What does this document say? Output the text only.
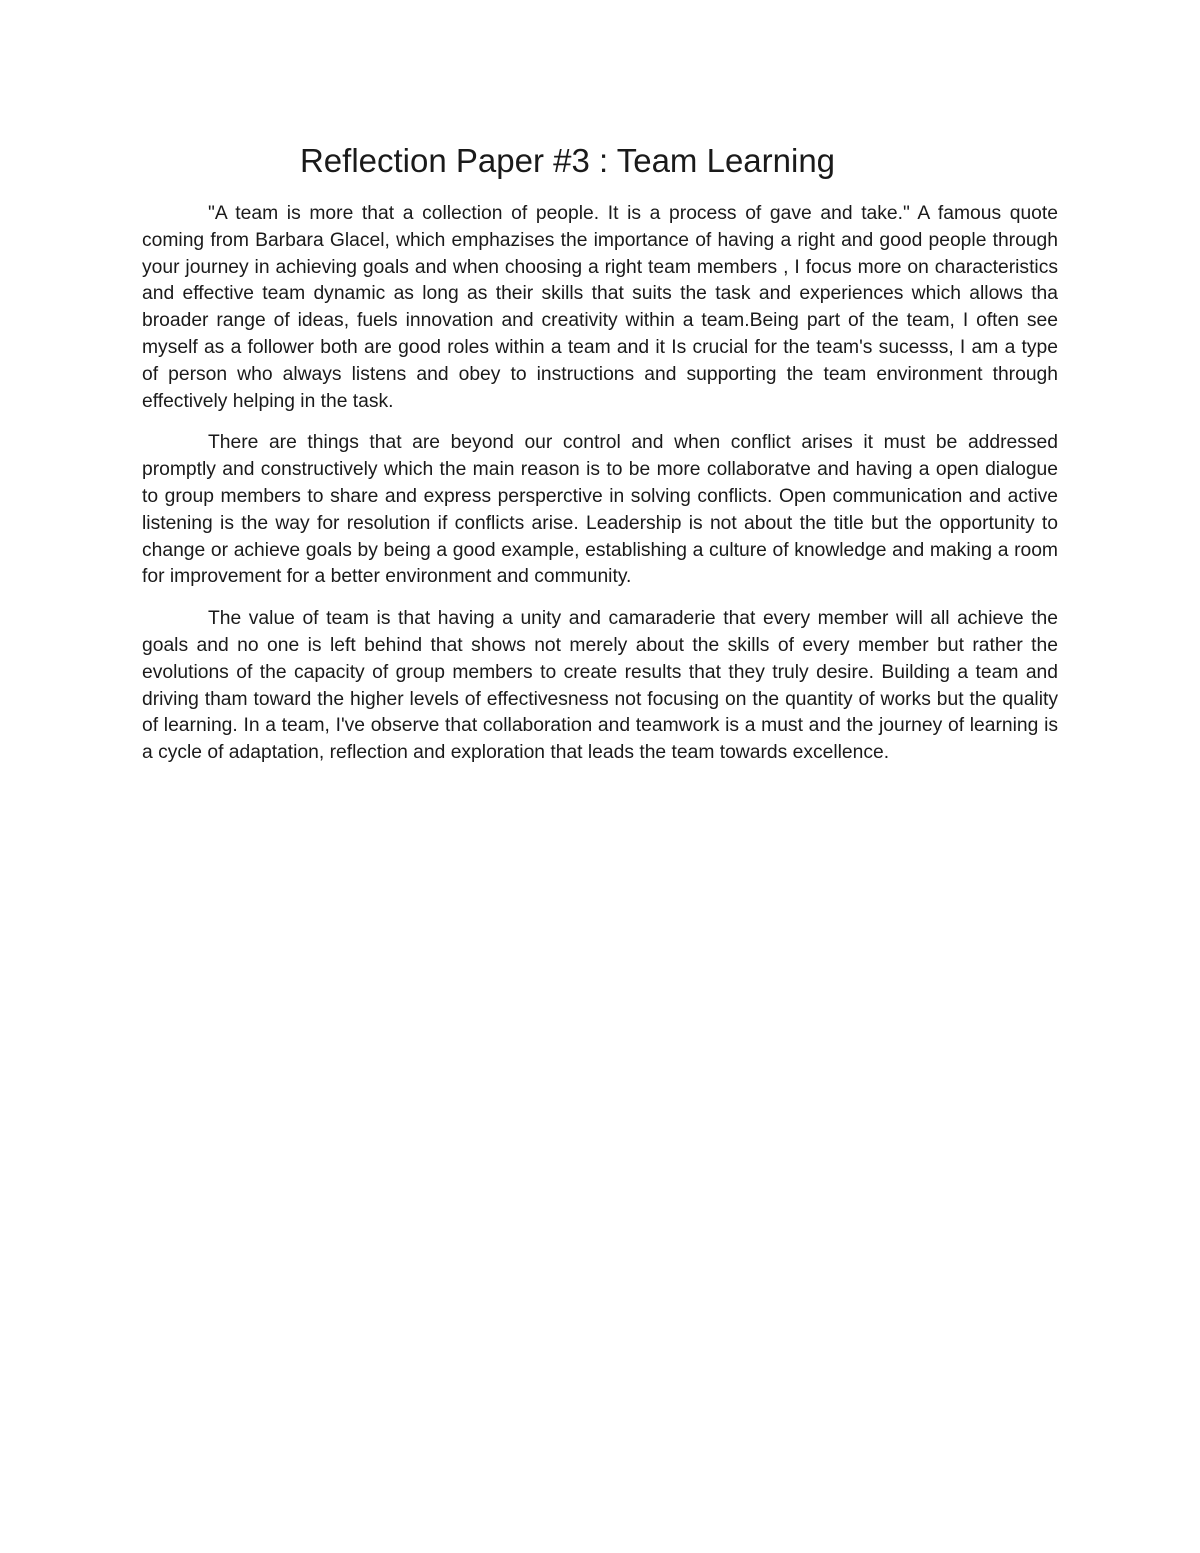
Reflection Paper #3 : Team Learning

"A team is more that a collection of people. It is a process of gave and take." A famous quote coming from Barbara Glacel, which emphazises the importance of having a right and good people through your journey in achieving goals and when choosing a right team members , I focus more on characteristics and effective team dynamic as long as their skills that suits the task and experiences which allows tha broader range of ideas, fuels innovation and creativity within a team.Being part of the team, I often see myself as a follower both are good roles within a team and it Is crucial for the team's sucesss, I am a type of person who always listens and obey to instructions and supporting the team environment through effectively helping in the task.

There are things that are beyond our control and when conflict arises it must be addressed promptly and constructively which the main reason is to be more collaboratve and having a open dialogue to group members to share and express persperctive in solving conflicts. Open communication and active listening is the way for resolution if conflicts arise. Leadership is not about the title but the opportunity to change or achieve goals by being a good example, establishing a culture of knowledge and making a room for improvement for a better environment and community.

The value of team is that having a unity and camaraderie that every member will all achieve the goals and no one is left behind that shows not merely about the skills of every member but rather the evolutions of the capacity of group members to create results that they truly desire. Building a team and driving tham toward the higher levels of effectivesness not focusing on the quantity of works but the quality of learning. In a team, I've observe that collaboration and teamwork is a must and the journey of learning is a cycle of adaptation, reflection and exploration that leads the team towards excellence.
